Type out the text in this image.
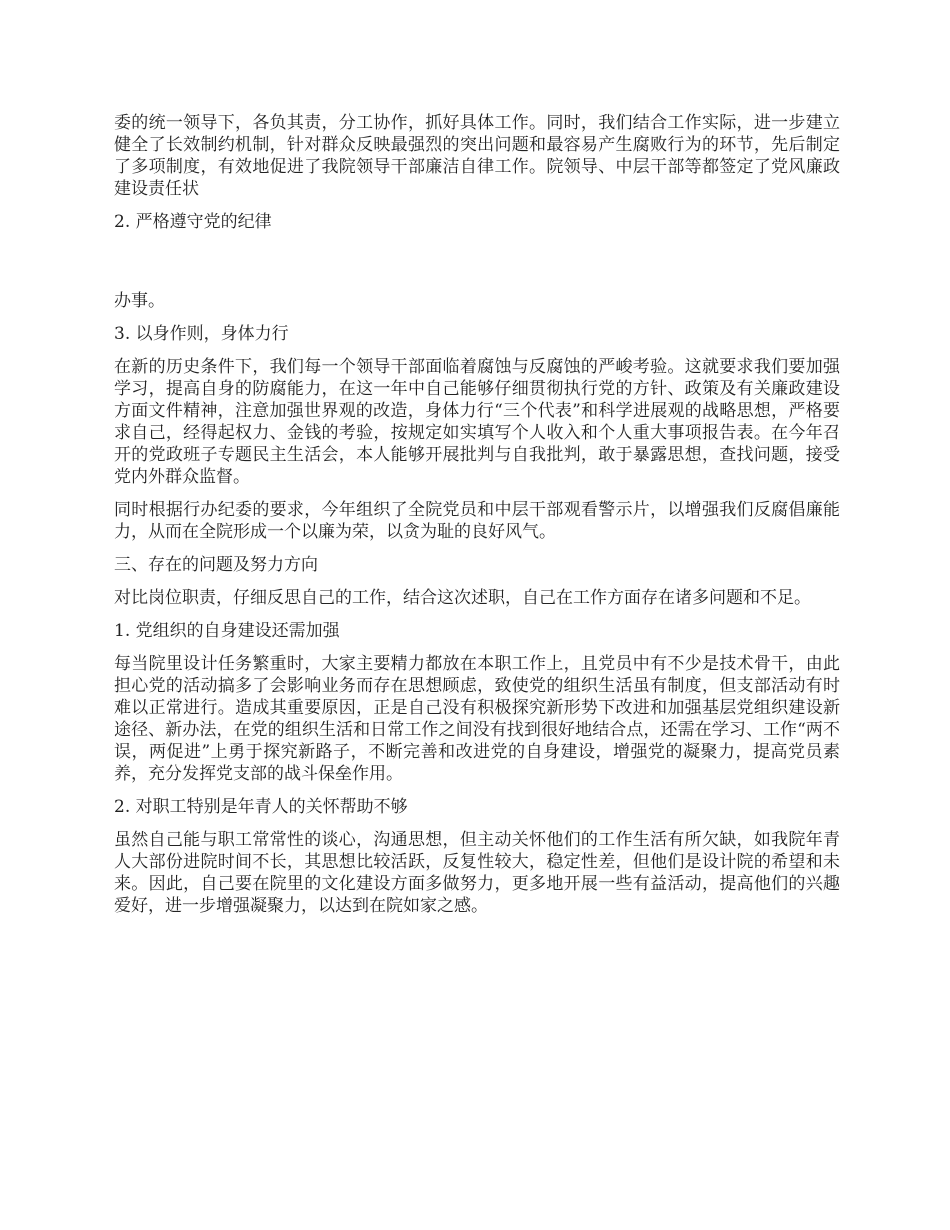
委的统一领导下，各负其责，分工协作，抓好具体工作。同时，我们结合工作实际，进一步建立健全了长效制约机制，针对群众反映最强烈的突出问题和最容易产生腐败行为的环节，先后制定了多项制度，有效地促进了我院领导干部廉洁自律工作。院领导、中层干部等都签定了党风廉政建设责任状

2. 严格遵守党的纪律

办事。

3. 以身作则，身体力行

在新的历史条件下，我们每一个领导干部面临着腐蚀与反腐蚀的严峻考验。这就要求我们要加强学习，提高自身的防腐能力，在这一年中自己能够仔细贯彻执行党的方针、政策及有关廉政建设方面文件精神，注意加强世界观的改造，身体力行“三个代表”和科学进展观的战略思想，严格要求自己，经得起权力、金钱的考验，按规定如实填写个人收入和个人重大事项报告表。在今年召开的党政班子专题民主生活会，本人能够开展批判与自我批判，敢于暴露思想，查找问题，接受党内外群众监督。

同时根据行办纪委的要求，今年组织了全院党员和中层干部观看警示片，以增强我们反腐倡廉能力，从而在全院形成一个以廉为荣，以贪为耻的良好风气。

三、存在的问题及努力方向

对比岗位职责，仔细反思自己的工作，结合这次述职，自己在工作方面存在诸多问题和不足。

1. 党组织的自身建设还需加强

每当院里设计任务繁重时，大家主要精力都放在本职工作上，且党员中有不少是技术骨干，由此担心党的活动搞多了会影响业务而存在思想顾虑，致使党的组织生活虽有制度，但支部活动有时难以正常进行。造成其重要原因，正是自己没有积极探究新形势下改进和加强基层党组织建设新途径、新办法，在党的组织生活和日常工作之间没有找到很好地结合点，还需在学习、工作“两不误，两促进”上勇于探究新路子，不断完善和改进党的自身建设，增强党的凝聚力，提高党员素养，充分发挥党支部的战斗保垒作用。

2. 对职工特别是年青人的关怀帮助不够

虽然自己能与职工常常性的谈心，沟通思想，但主动关怀他们的工作生活有所欠缺，如我院年青人大部份进院时间不长，其思想比较活跃，反复性较大，稳定性差，但他们是设计院的希望和未来。因此，自己要在院里的文化建设方面多做努力，更多地开展一些有益活动，提高他们的兴趣爱好，进一步增强凝聚力，以达到在院如家之感。
